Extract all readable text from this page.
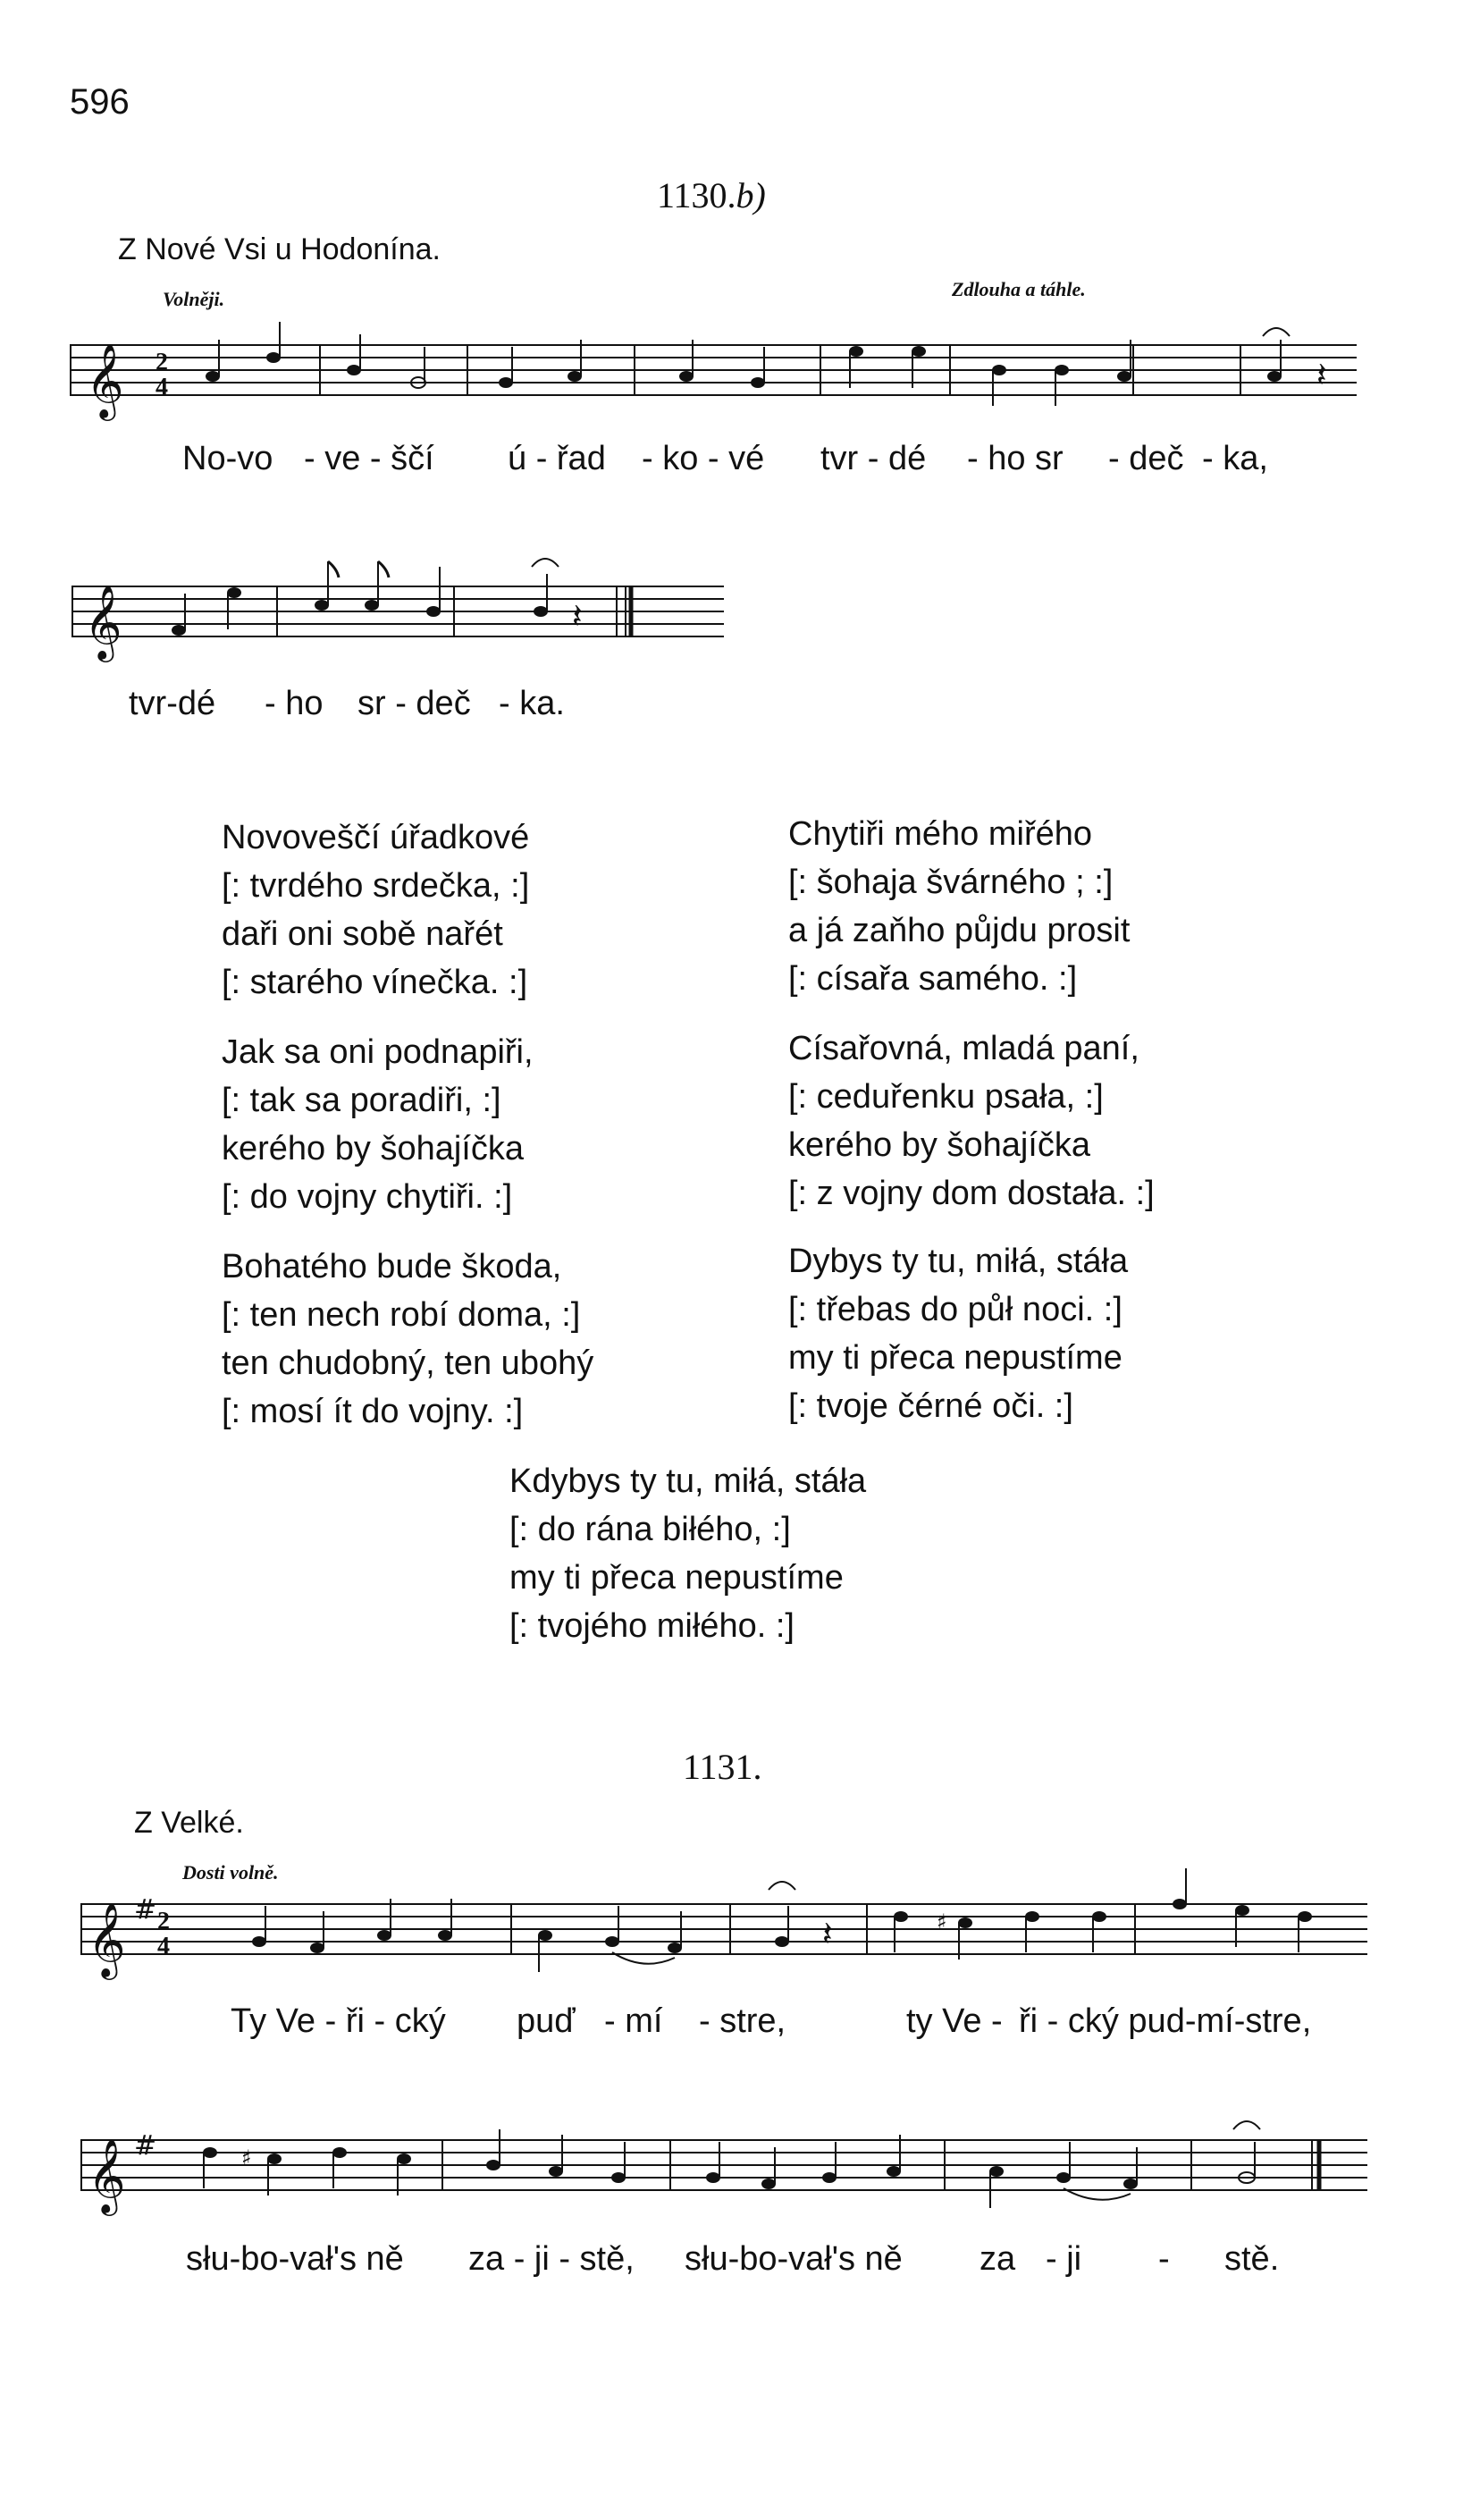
596
1130.b)
Z Nové Vsi u Hodonína.
Volněji.	Zdlouha a táhle.
𝄞 2
4	𝄽
No-vo - ve - ščí ú - řad - ko - vé tvr - dé - ho sr - deč - ka,
𝄞	𝄽
tvr-dé - ho sr - deč - ka.
Novoveščí úřadkové
[: tvrdého srdečka, :]
daři oni sobě nařét
[: starého vínečka. :]
Jak sa oni podnapiři,
[: tak sa poradiři, :]
kerého by šohajíčka
[: do vojny chytiři. :]
Bohatého bude škoda,
[: ten nech robí doma, :]
ten chudobný, ten ubohý
[: mosí ít do vojny. :]
Chytiři mého miřého
[: šohaja švárného ; :]
a já zaňho půjdu prosit
[: císařa samého. :]
Císařovná, mladá paní,
[: ceduřenku psała, :]
kerého by šohajíčka
[: z vojny dom dostała. :]
Dybys ty tu, miłá, stáła
[: třebas do půł noci. :]
my ti přeca nepustíme
[: tvoje čérné oči. :]
Kdybys ty tu, miłá, stáła
[: do rána biłého, :]
my ti přeca nepustíme
[: tvojého miłého. :]
1131.
Z Velké.
Dosti volně.
𝄞 # 2
4
♯
𝄽
Ty Ve - ři - cký puď - mí - stre,	ty Ve - ři - cký pud-mí-stre,
𝄞 #	♯
słu-bo-vał's ně za - ji - stě, słu-bo-vał's ně za - ji - stě.
